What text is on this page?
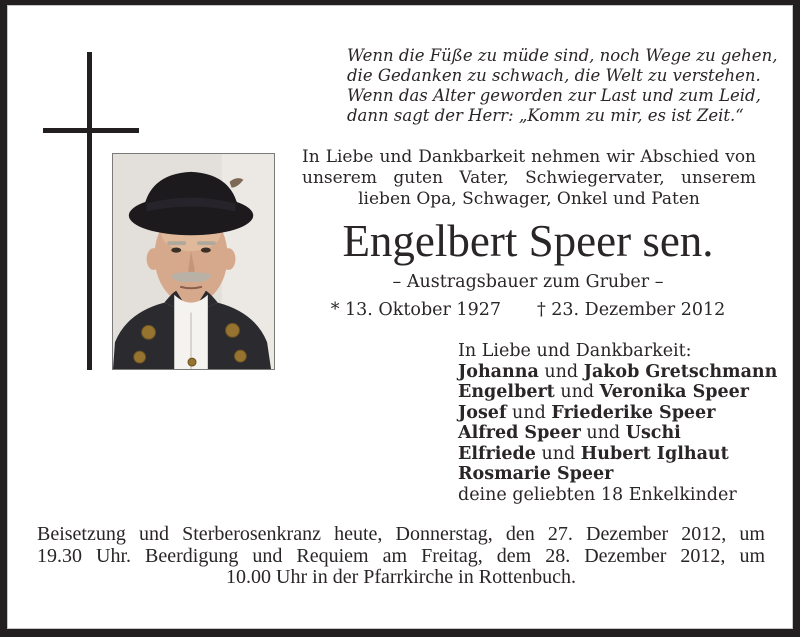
Wenn die Füße zu müde sind, noch Wege zu gehen,
die Gedanken zu schwach, die Welt zu verstehen.
Wenn das Alter geworden zur Last und zum Leid,
dann sagt der Herr: „Komm zu mir, es ist Zeit.“
In Liebe und Dankbarkeit nehmen wir Abschied von
unserem guten Vater, Schwiegervater, unserem
lieben Opa, Schwager, Onkel und Paten
Engelbert Speer sen.
– Austragsbauer zum Gruber –
* 13. Oktober 1927 † 23. Dezember 2012
In Liebe und Dankbarkeit:
Johanna und Jakob Gretschmann
Engelbert und Veronika Speer
Josef und Friederike Speer
Alfred Speer und Uschi
Elfriede und Hubert Iglhaut
Rosmarie Speer
deine geliebten 18 Enkelkinder
Beisetzung und Sterberosenkranz heute, Donnerstag, den 27. Dezember 2012, um
19.30 Uhr. Beerdigung und Requiem am Freitag, dem 28. Dezember 2012, um
10.00 Uhr in der Pfarrkirche in Rottenbuch.
